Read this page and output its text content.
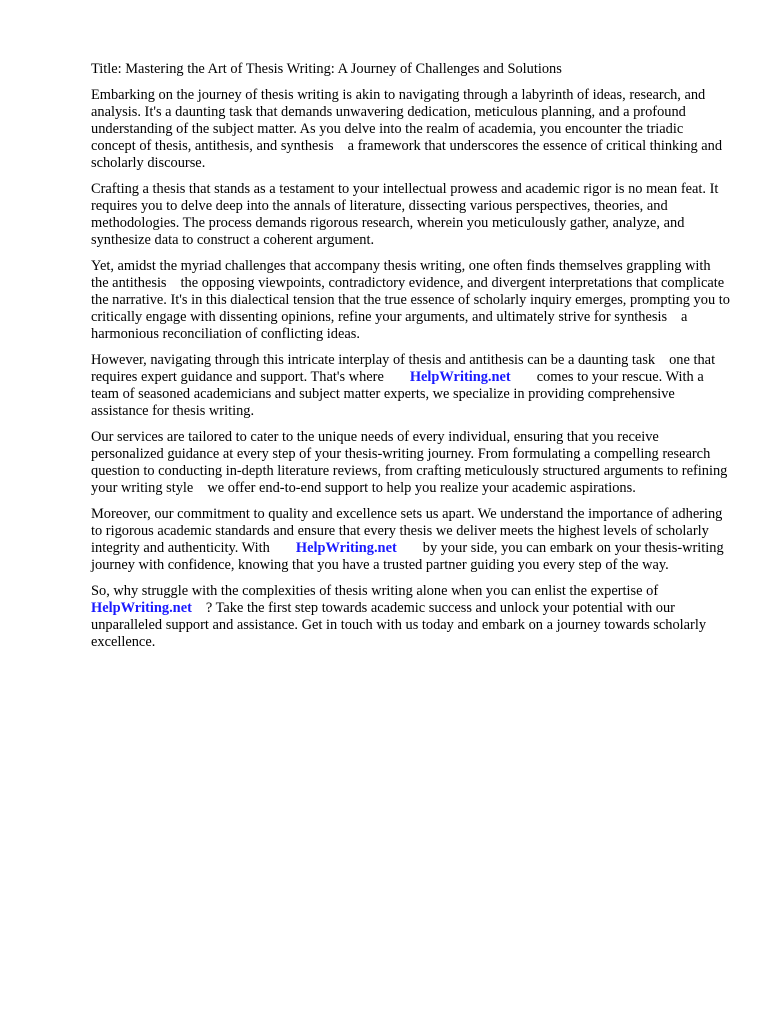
Title: Mastering the Art of Thesis Writing: A Journey of Challenges and Solutions

Embarking on the journey of thesis writing is akin to navigating through a labyrinth of ideas, research, and analysis. It's a daunting task that demands unwavering dedication, meticulous planning, and a profound understanding of the subject matter. As you delve into the realm of academia, you encounter the triadic concept of thesis, antithesis, and synthesis a framework that underscores the essence of critical thinking and scholarly discourse.

Crafting a thesis that stands as a testament to your intellectual prowess and academic rigor is no mean feat. It requires you to delve deep into the annals of literature, dissecting various perspectives, theories, and methodologies. The process demands rigorous research, wherein you meticulously gather, analyze, and synthesize data to construct a coherent argument.

Yet, amidst the myriad challenges that accompany thesis writing, one often finds themselves grappling with the antithesis the opposing viewpoints, contradictory evidence, and divergent interpretations that complicate the narrative. It's in this dialectical tension that the true essence of scholarly inquiry emerges, prompting you to critically engage with dissenting opinions, refine your arguments, and ultimately strive for synthesis a harmonious reconciliation of conflicting ideas.

However, navigating through this intricate interplay of thesis and antithesis can be a daunting task one that requires expert guidance and support. That's where HelpWriting.net comes to your rescue. With a team of seasoned academicians and subject matter experts, we specialize in providing comprehensive assistance for thesis writing.

Our services are tailored to cater to the unique needs of every individual, ensuring that you receive personalized guidance at every step of your thesis-writing journey. From formulating a compelling research question to conducting in-depth literature reviews, from crafting meticulously structured arguments to refining your writing style we offer end-to-end support to help you realize your academic aspirations.

Moreover, our commitment to quality and excellence sets us apart. We understand the importance of adhering to rigorous academic standards and ensure that every thesis we deliver meets the highest levels of scholarly integrity and authenticity. With HelpWriting.net by your side, you can embark on your thesis-writing journey with confidence, knowing that you have a trusted partner guiding you every step of the way.

So, why struggle with the complexities of thesis writing alone when you can enlist the expertise of HelpWriting.net ? Take the first step towards academic success and unlock your potential with our unparalleled support and assistance. Get in touch with us today and embark on a journey towards scholarly excellence.
